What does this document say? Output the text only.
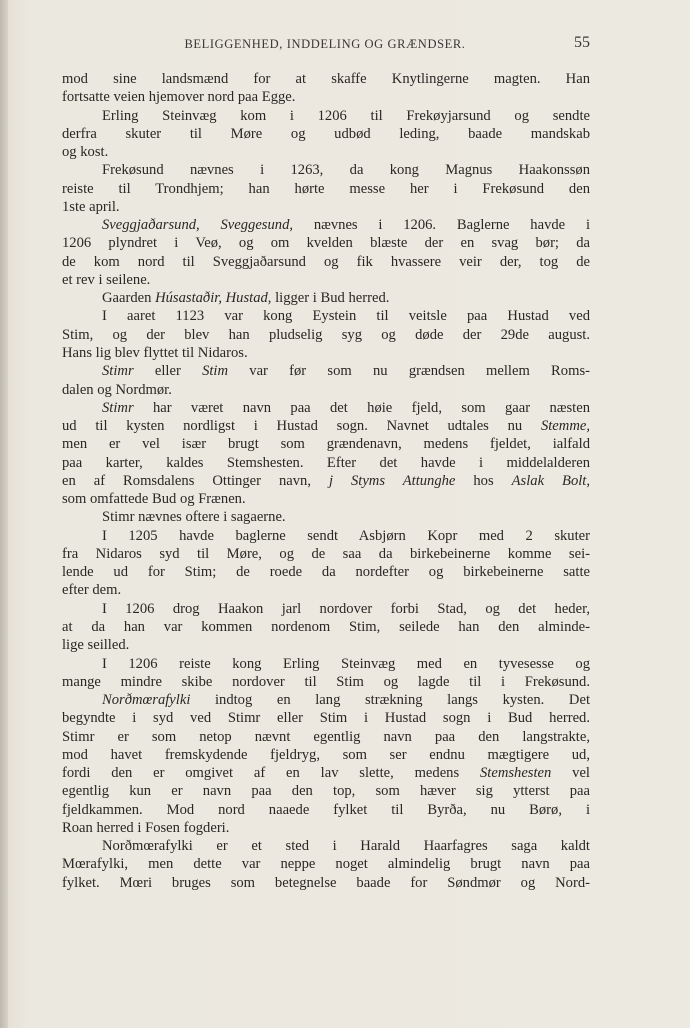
BELIGGENHED, INDDELING OG GRÆNDSER.	55
mod sine landsmænd for at skaffe Knytlingerne magten. Han
fortsatte veien hjemover nord paa Egge.
Erling Steinvæg kom i 1206 til Frekøyjarsund og sendte
derfra skuter til Møre og udbød leding, baade mandskab
og kost.
Frekøsund nævnes i 1263, da kong Magnus Haakonssøn
reiste til Trondhjem; han hørte messe her i Frekøsund den
1ste april.
Sveggjaðarsund, Sveggesund, nævnes i 1206. Baglerne havde i
1206 plyndret i Veø, og om kvelden blæste der en svag bør; da
de kom nord til Sveggjaðarsund og fik hvassere veir der, tog de
et rev i seilene.
Gaarden Húsastaðir, Hustad, ligger i Bud herred.
I aaret 1123 var kong Eystein til veitsle paa Hustad ved
Stim, og der blev han pludselig syg og døde der 29de august.
Hans lig blev flyttet til Nidaros.
Stimr eller Stim var før som nu grændsen mellem Roms-
dalen og Nordmør.
Stimr har været navn paa det høie fjeld, som gaar næsten
ud til kysten nordligst i Hustad sogn. Navnet udtales nu Stemme,
men er vel især brugt som grændenavn, medens fjeldet, ialfald
paa karter, kaldes Stemshesten. Efter det havde i middelalderen
en af Romsdalens Ottinger navn, j Styms Attunghe hos Aslak Bolt,
som omfattede Bud og Frænen.
Stimr nævnes oftere i sagaerne.
I 1205 havde baglerne sendt Asbjørn Kopr med 2 skuter
fra Nidaros syd til Møre, og de saa da birkebeinerne komme sei-
lende ud for Stim; de roede da nordefter og birkebeinerne satte
efter dem.
I 1206 drog Haakon jarl nordover forbi Stad, og det heder,
at da han var kommen nordenom Stim, seilede han den alminde-
lige seilled.
I 1206 reiste kong Erling Steinvæg med en tyvesesse og
mange mindre skibe nordover til Stim og lagde til i Frekøsund.
Norðmœrafylki indtog en lang strækning langs kysten. Det
begyndte i syd ved Stimr eller Stim i Hustad sogn i Bud herred.
Stimr er som netop nævnt egentlig navn paa den langstrakte,
mod havet fremskydende fjeldryg, som ser endnu mægtigere ud,
fordi den er omgivet af en lav slette, medens Stemshesten vel
egentlig kun er navn paa den top, som hæver sig ytterst paa
fjeldkammen. Mod nord naaede fylket til Byrða, nu Børø, i
Roan herred i Fosen fogderi.
Norðmœrafylki er et sted i Harald Haarfagres saga kaldt
Mœrafylki, men dette var neppe noget almindelig brugt navn paa
fylket. Mœri bruges som betegnelse baade for Søndmør og Nord-
